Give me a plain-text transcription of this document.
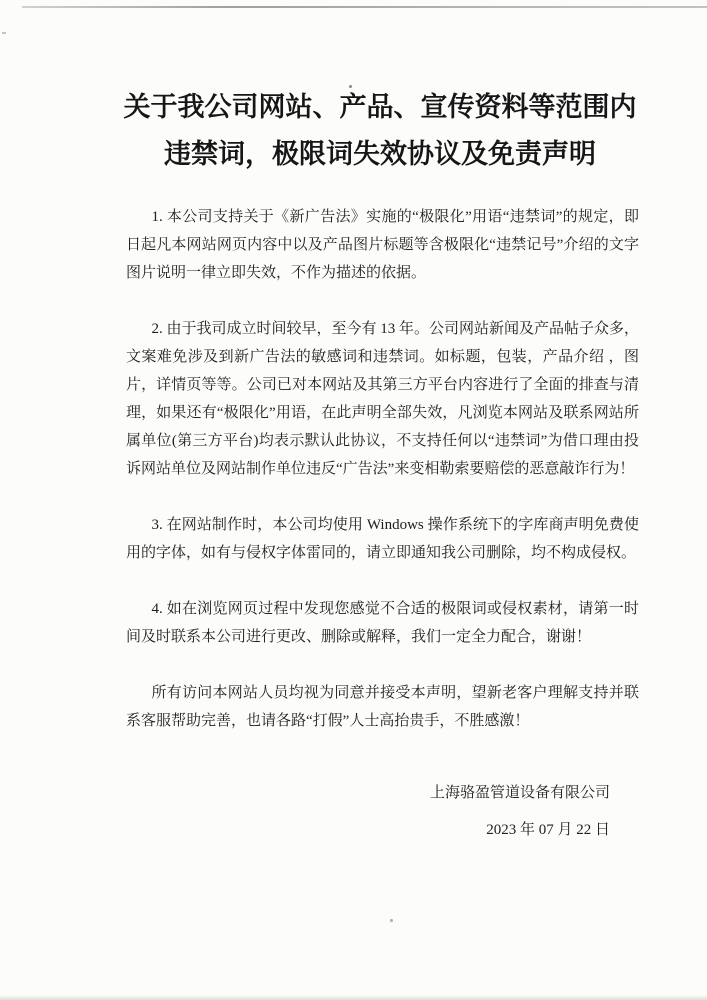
关于我公司网站、产品、宣传资料等范围内
违禁词，极限词失效协议及免责声明

1. 本公司支持关于《新广告法》实施的“极限化”用语“违禁词”的规定，即日起凡本网站网页内容中以及产品图片标题等含极限化“违禁记号”介绍的文字图片说明一律立即失效，不作为描述的依据。

2. 由于我司成立时间较早，至今有 13 年。公司网站新闻及产品帖子众多，文案难免涉及到新广告法的敏感词和违禁词。如标题，包装，产品介绍 ，图片，详情页等等。公司已对本网站及其第三方平台内容进行了全面的排查与清理，如果还有“极限化”用语，在此声明全部失效，凡浏览本网站及联系网站所属单位(第三方平台)均表示默认此协议，不支持任何以“违禁词”为借口理由投诉网站单位及网站制作单位违反“广告法”来变相勒索要赔偿的恶意敲诈行为！

3. 在网站制作时，本公司均使用 Windows 操作系统下的字库商声明免费使用的字体，如有与侵权字体雷同的，请立即通知我公司删除，均不构成侵权。

4. 如在浏览网页过程中发现您感觉不合适的极限词或侵权素材，请第一时间及时联系本公司进行更改、删除或解释，我们一定全力配合，谢谢！

所有访问本网站人员均视为同意并接受本声明，望新老客户理解支持并联系客服帮助完善，也请各路“打假”人士高抬贵手，不胜感激！

上海骆盈管道设备有限公司
2023 年 07 月 22 日
